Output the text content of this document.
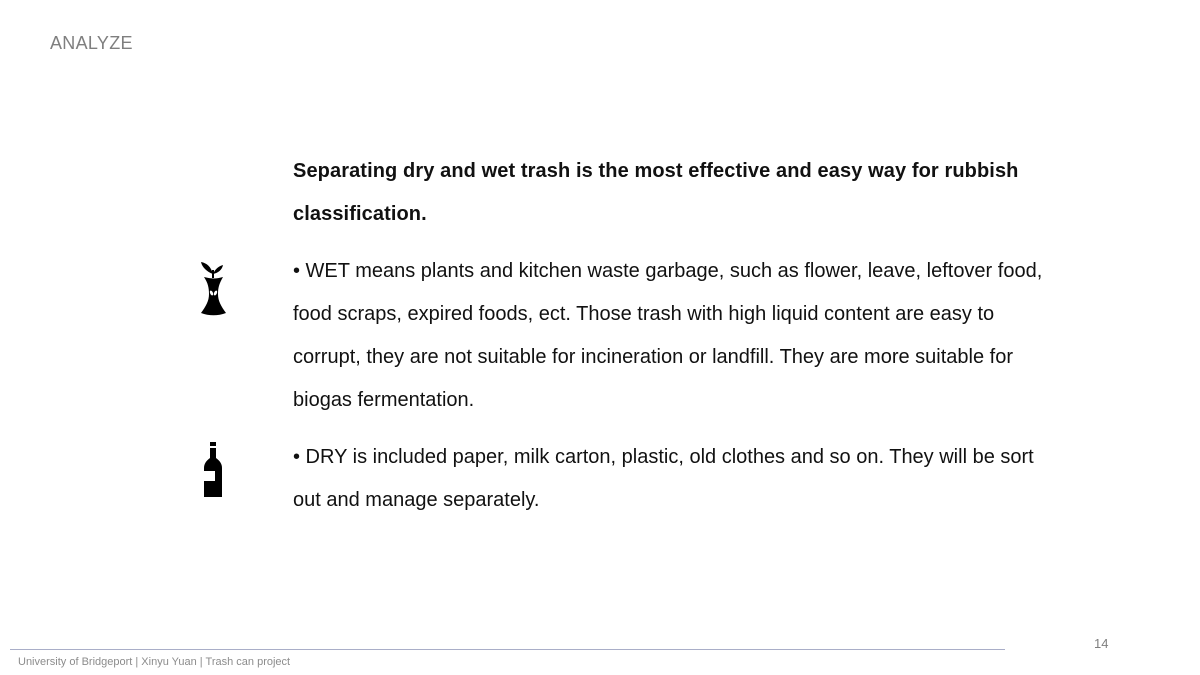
ANALYZE

Separating dry and wet trash is the most effective and easy way for rubbish classification.

• WET means plants and kitchen waste garbage, such as flower, leave, leftover food, food scraps, expired foods, ect. Those trash with high liquid content are easy to corrupt, they are not suitable for incineration or landfill. They are more suitable for biogas fermentation.

• DRY is included paper, milk carton, plastic, old clothes and so on. They will be sort out and manage separately.

14
University of Bridgeport | Xinyu Yuan | Trash can project
